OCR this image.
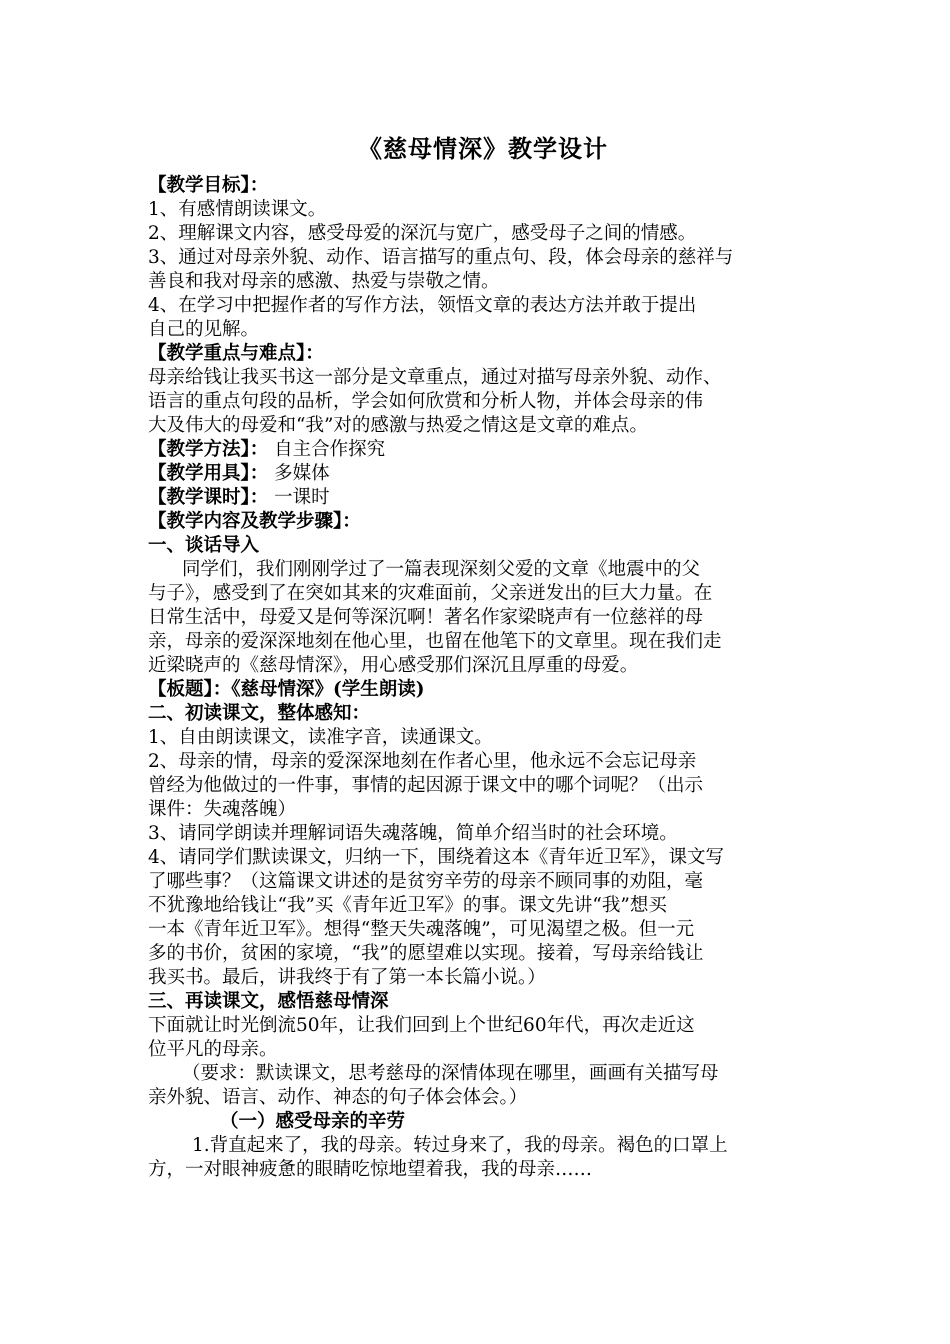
《慈母情深》教学设计
【教学目标】：
1、有感情朗读课文。
2、理解课文内容，感受母爱的深沉与宽广，感受母子之间的情感。
3、通过对母亲外貌、动作、语言描写的重点句、段，体会母亲的慈祥与
善良和我对母亲的感激、热爱与崇敬之情。
4、在学习中把握作者的写作方法，领悟文章的表达方法并敢于提出
自己的见解。
【教学重点与难点】：
母亲给钱让我买书这一部分是文章重点，通过对描写母亲外貌、动作、
语言的重点句段的品析，学会如何欣赏和分析人物，并体会母亲的伟
大及伟大的母爱和“我”对的感激与热爱之情这是文章的难点。
【教学方法】： 自主合作探究
【教学用具】： 多媒体
【教学课时】： 一课时
【教学内容及教学步骤】：
一、谈话导入
同学们，我们刚刚学过了一篇表现深刻父爱的文章《地震中的父
与子》，感受到了在突如其来的灾难面前，父亲迸发出的巨大力量。在
日常生活中，母爱又是何等深沉啊！著名作家梁晓声有一位慈祥的母
亲，母亲的爱深深地刻在他心里，也留在他笔下的文章里。现在我们走
近梁晓声的《慈母情深》，用心感受那们深沉且厚重的母爱。
【板题】：《慈母情深》(学生朗读)
二、初读课文，整体感知：
1、自由朗读课文，读准字音，读通课文。
2、母亲的情，母亲的爱深深地刻在作者心里，他永远不会忘记母亲
曾经为他做过的一件事，事情的起因源于课文中的哪个词呢？（出示
课件：失魂落魄）
3、请同学朗读并理解词语失魂落魄，简单介绍当时的社会环境。
4、请同学们默读课文，归纳一下，围绕着这本《青年近卫军》，课文写
了哪些事？（这篇课文讲述的是贫穷辛劳的母亲不顾同事的劝阻，毫
不犹豫地给钱让“我”买《青年近卫军》的事。课文先讲“我”想买
一本《青年近卫军》。想得“整天失魂落魄”，可见渴望之极。但一元
多的书价，贫困的家境，“我”的愿望难以实现。接着，写母亲给钱让
我买书。最后，讲我终于有了第一本长篇小说。）
三、再读课文，感悟慈母情深
下面就让时光倒流50年，让我们回到上个世纪60年代，再次走近这
位平凡的母亲。
（要求：默读课文，思考慈母的深情体现在哪里，画画有关描写母
亲外貌、语言、动作、神态的句子体会体会。）
（一）感受母亲的辛劳
1.背直起来了，我的母亲。转过身来了，我的母亲。褐色的口罩上
方，一对眼神疲惫的眼睛吃惊地望着我，我的母亲……
